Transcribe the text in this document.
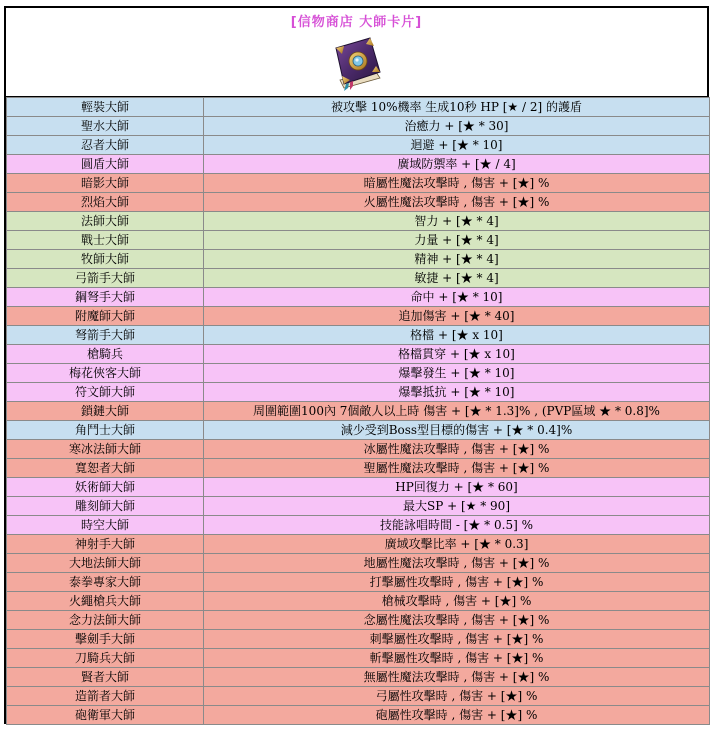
[信物商店 大師卡片]
輕裝大師	被攻擊 10%機率 生成10秒 HP [★ / 2] 的護盾
聖水大師	治癒力 + [★ * 30]
忍者大師	迴避 + [★ * 10]
圓盾大師	廣域防禦率 + [★ / 4]
暗影大師	暗屬性魔法攻擊時 , 傷害 + [★] %
烈焰大師	火屬性魔法攻擊時 , 傷害 + [★] %
法師大師	智力 + [★ * 4]
戰士大師	力量 + [★ * 4]
牧師大師	精神 + [★ * 4]
弓箭手大師	敏捷 + [★ * 4]
鋼弩手大師	命中 + [★ * 10]
附魔師大師	追加傷害 + [★ * 40]
弩箭手大師	格檔 + [★ x 10]
槍騎兵	格檔貫穿 + [★ x 10]
梅花俠客大師	爆擊發生 + [★ * 10]
符文師大師	爆擊抵抗 + [★ * 10]
鎖鏈大師	周圍範圍100內 7個敵人以上時 傷害 + [★ * 1.3]% , (PVP區域 ★ * 0.8]%
角鬥士大師	減少受到Boss型目標的傷害 + [★ * 0.4]%
寒冰法師大師	冰屬性魔法攻擊時 , 傷害 + [★] %
寬恕者大師	聖屬性魔法攻擊時 , 傷害 + [★] %
妖術師大師	HP回復力 + [★ * 60]
雕刻師大師	最大SP + [★ * 90]
時空大師	技能詠唱時間 - [★ * 0.5] %
神射手大師	廣域攻擊比率 + [★ * 0.3]
大地法師大師	地屬性魔法攻擊時 , 傷害 + [★] %
泰拳專家大師	打擊屬性攻擊時 , 傷害 + [★] %
火繩槍兵大師	槍械攻擊時 , 傷害 + [★] %
念力法師大師	念屬性魔法攻擊時 , 傷害 + [★] %
擊劍手大師	刺擊屬性攻擊時 , 傷害 + [★] %
刀騎兵大師	斬擊屬性攻擊時 , 傷害 + [★] %
賢者大師	無屬性魔法攻擊時 , 傷害 + [★] %
造箭者大師	弓屬性攻擊時 , 傷害 + [★] %
砲衛軍大師	砲屬性攻擊時 , 傷害 + [★] %
